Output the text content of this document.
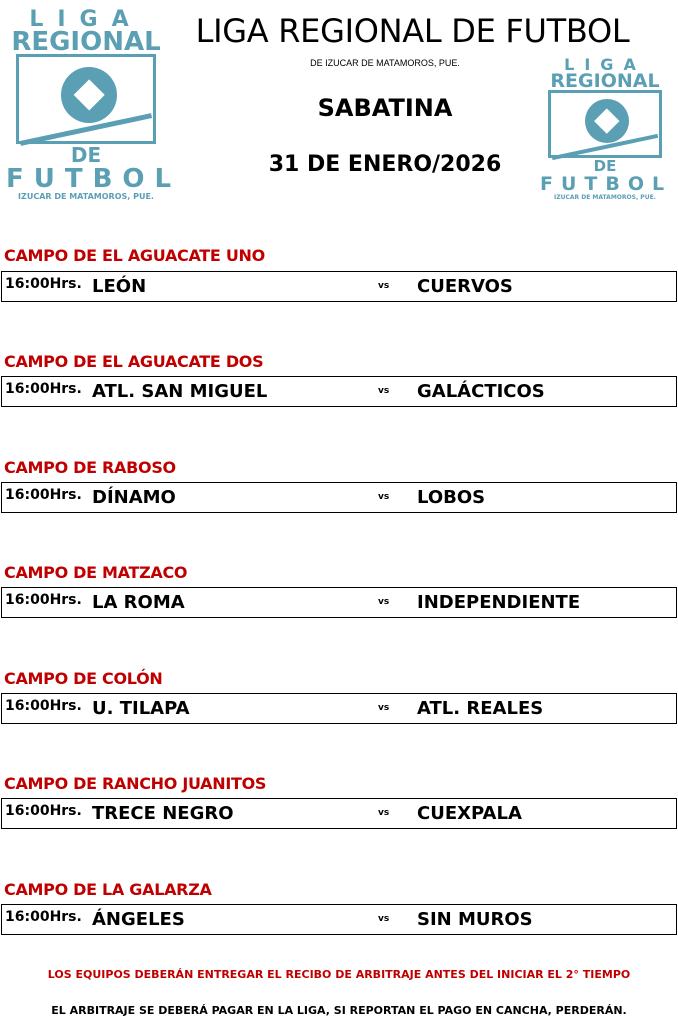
LIGA
REGIONAL
DE
FUTBOL
IZUCAR DE MATAMOROS, PUE.
LIGA
REGIONAL
DE
FUTBOL
IZUCAR DE MATAMOROS, PUE.
LIGA REGIONAL DE FUTBOL
DE IZUCAR DE MATAMOROS, PUE.
SABATINA
31 DE ENERO/2026
CAMPO DE EL AGUACATE UNO
16:00Hrs. LEÓN	vs CUERVOS
CAMPO DE EL AGUACATE DOS
16:00Hrs. ATL. SAN MIGUEL	vs GALÁCTICOS
CAMPO DE RABOSO
16:00Hrs. DÍNAMO	vs LOBOS
CAMPO DE MATZACO
16:00Hrs. LA ROMA	vs INDEPENDIENTE
CAMPO DE COLÓN
16:00Hrs. U. TILAPA	vs ATL. REALES
CAMPO DE RANCHO JUANITOS
16:00Hrs. TRECE NEGRO	vs CUEXPALA
CAMPO DE LA GALARZA
16:00Hrs. ÁNGELES	vs SIN MUROS
LOS EQUIPOS DEBERÁN ENTREGAR EL RECIBO DE ARBITRAJE ANTES DEL INICIAR EL 2° TIEMPO
EL ARBITRAJE SE DEBERÁ PAGAR EN LA LIGA, SI REPORTAN EL PAGO EN CANCHA, PERDERÁN.
